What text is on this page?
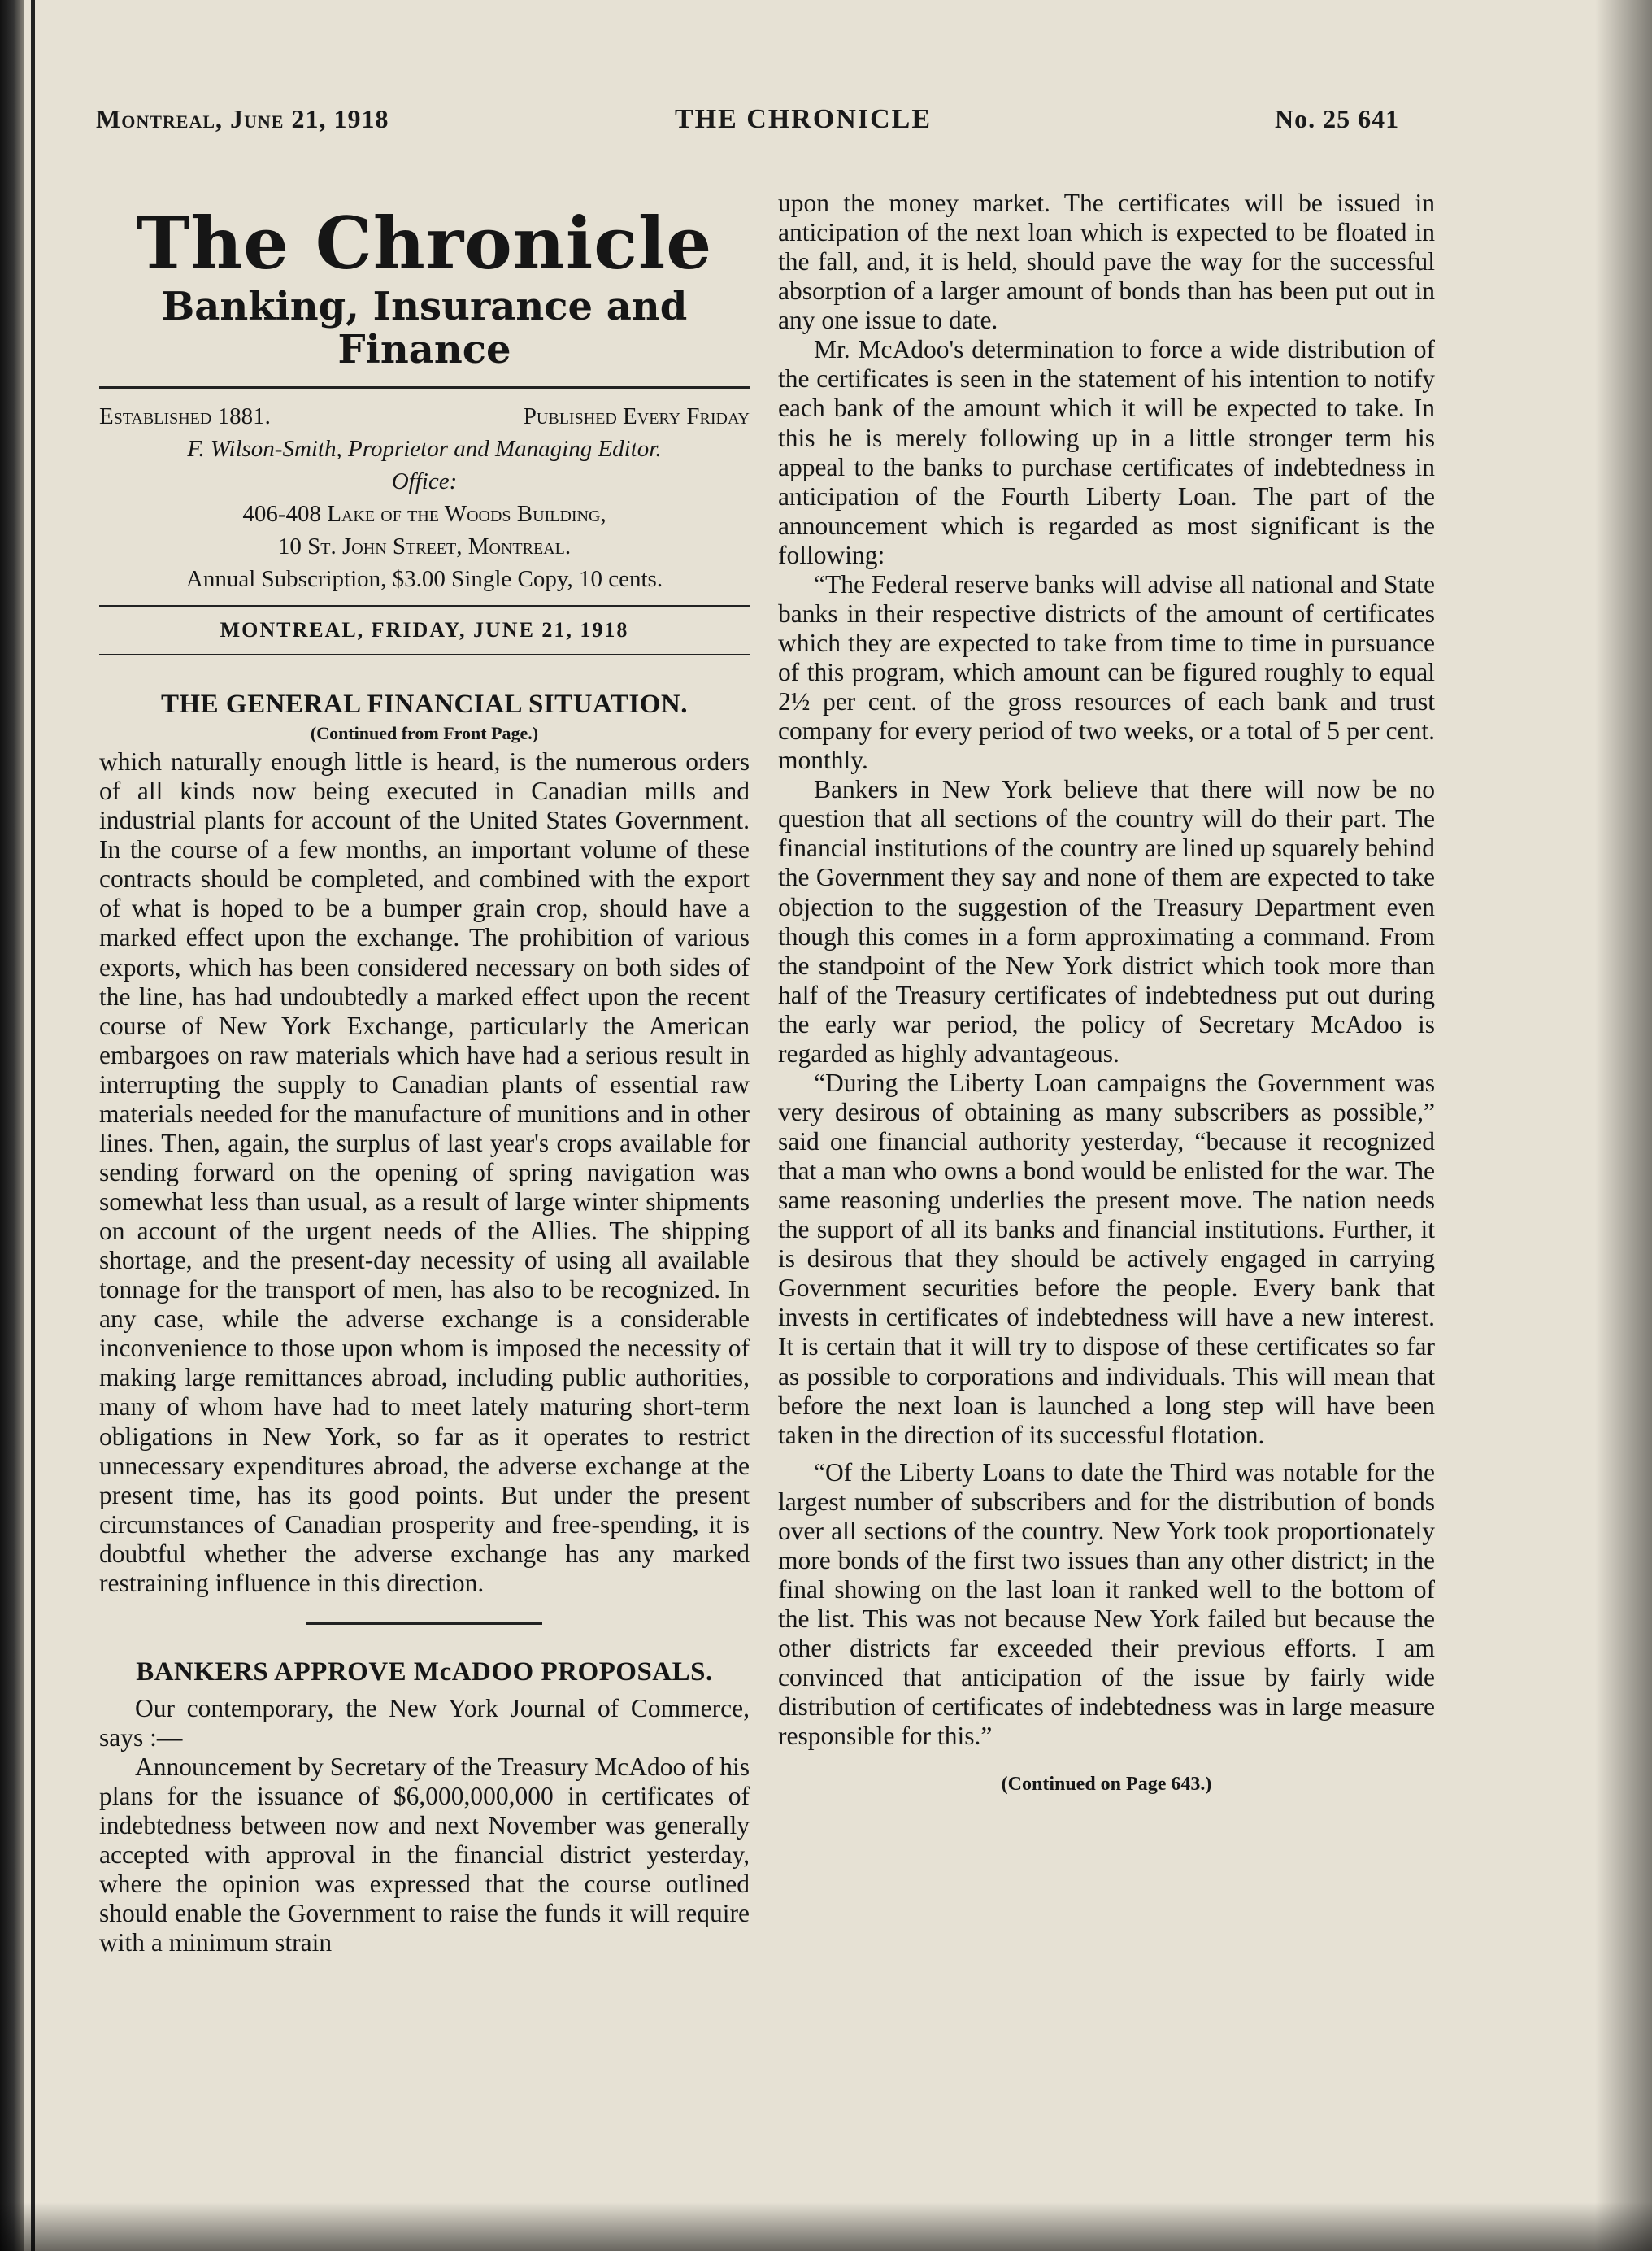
Montreal, June 21, 1918	THE CHRONICLE	No. 25 641
The Chronicle
Banking, Insurance and Finance
Established 1881.	Published Every Friday
F. Wilson-Smith, Proprietor and Managing Editor.
Office:
406-408 Lake of the Woods Building,
10 St. John Street, Montreal.
Annual Subscription, $3.00 Single Copy, 10 cents.
MONTREAL, FRIDAY, JUNE 21, 1918
THE GENERAL FINANCIAL SITUATION.
(Continued from Front Page.)

which naturally enough little is heard, is the numerous orders of all kinds now being executed in Canadian mills and industrial plants for account of the United States Government. In the course of a few months, an important volume of these contracts should be completed, and combined with the export of what is hoped to be a bumper grain crop, should have a marked effect upon the exchange. The prohibition of various exports, which has been considered necessary on both sides of the line, has had undoubtedly a marked effect upon the recent course of New York Exchange, particularly the American embargoes on raw materials which have had a serious result in interrupting the supply to Canadian plants of essential raw materials needed for the manufacture of munitions and in other lines. Then, again, the surplus of last year's crops available for sending forward on the opening of spring navigation was somewhat less than usual, as a result of large winter shipments on account of the urgent needs of the Allies. The shipping shortage, and the present-day necessity of using all available tonnage for the transport of men, has also to be recognized. In any case, while the adverse exchange is a considerable inconvenience to those upon whom is imposed the necessity of making large remittances abroad, including public authorities, many of whom have had to meet lately maturing short-term obligations in New York, so far as it operates to restrict unnecessary expenditures abroad, the adverse exchange at the present time, has its good points. But under the present circumstances of Canadian prosperity and free-spending, it is doubtful whether the adverse exchange has any marked restraining influence in this direction.

BANKERS APPROVE McADOO PROPOSALS.

Our contemporary, the New York Journal of Commerce, says :—

Announcement by Secretary of the Treasury McAdoo of his plans for the issuance of $6,000,000,000 in certificates of indebtedness between now and next November was generally accepted with approval in the financial district yesterday, where the opinion was expressed that the course outlined should enable the Government to raise the funds it will require with a minimum strain

upon the money market. The certificates will be issued in anticipation of the next loan which is expected to be floated in the fall, and, it is held, should pave the way for the successful absorption of a larger amount of bonds than has been put out in any one issue to date.

Mr. McAdoo's determination to force a wide distribution of the certificates is seen in the statement of his intention to notify each bank of the amount which it will be expected to take. In this he is merely following up in a little stronger term his appeal to the banks to purchase certificates of indebtedness in anticipation of the Fourth Liberty Loan. The part of the announcement which is regarded as most significant is the following:

“The Federal reserve banks will advise all national and State banks in their respective districts of the amount of certificates which they are expected to take from time to time in pursuance of this program, which amount can be figured roughly to equal 2½ per cent. of the gross resources of each bank and trust company for every period of two weeks, or a total of 5 per cent. monthly.

Bankers in New York believe that there will now be no question that all sections of the country will do their part. The financial institutions of the country are lined up squarely behind the Government they say and none of them are expected to take objection to the suggestion of the Treasury Department even though this comes in a form approximating a command. From the standpoint of the New York district which took more than half of the Treasury certificates of indebtedness put out during the early war period, the policy of Secretary McAdoo is regarded as highly advantageous.

“During the Liberty Loan campaigns the Government was very desirous of obtaining as many subscribers as possible,” said one financial authority yesterday, “because it recognized that a man who owns a bond would be enlisted for the war. The same reasoning underlies the present move. The nation needs the support of all its banks and financial institutions. Further, it is desirous that they should be actively engaged in carrying Government securities before the people. Every bank that invests in certificates of indebtedness will have a new interest. It is certain that it will try to dispose of these certificates so far as possible to corporations and individuals. This will mean that before the next loan is launched a long step will have been taken in the direction of its successful flotation.

“Of the Liberty Loans to date the Third was notable for the largest number of subscribers and for the distribution of bonds over all sections of the country. New York took proportionately more bonds of the first two issues than any other district; in the final showing on the last loan it ranked well to the bottom of the list. This was not because New York failed but because the other districts far exceeded their previous efforts. I am convinced that anticipation of the issue by fairly wide distribution of certificates of indebtedness was in large measure responsible for this.”

(Continued on Page 643.)
